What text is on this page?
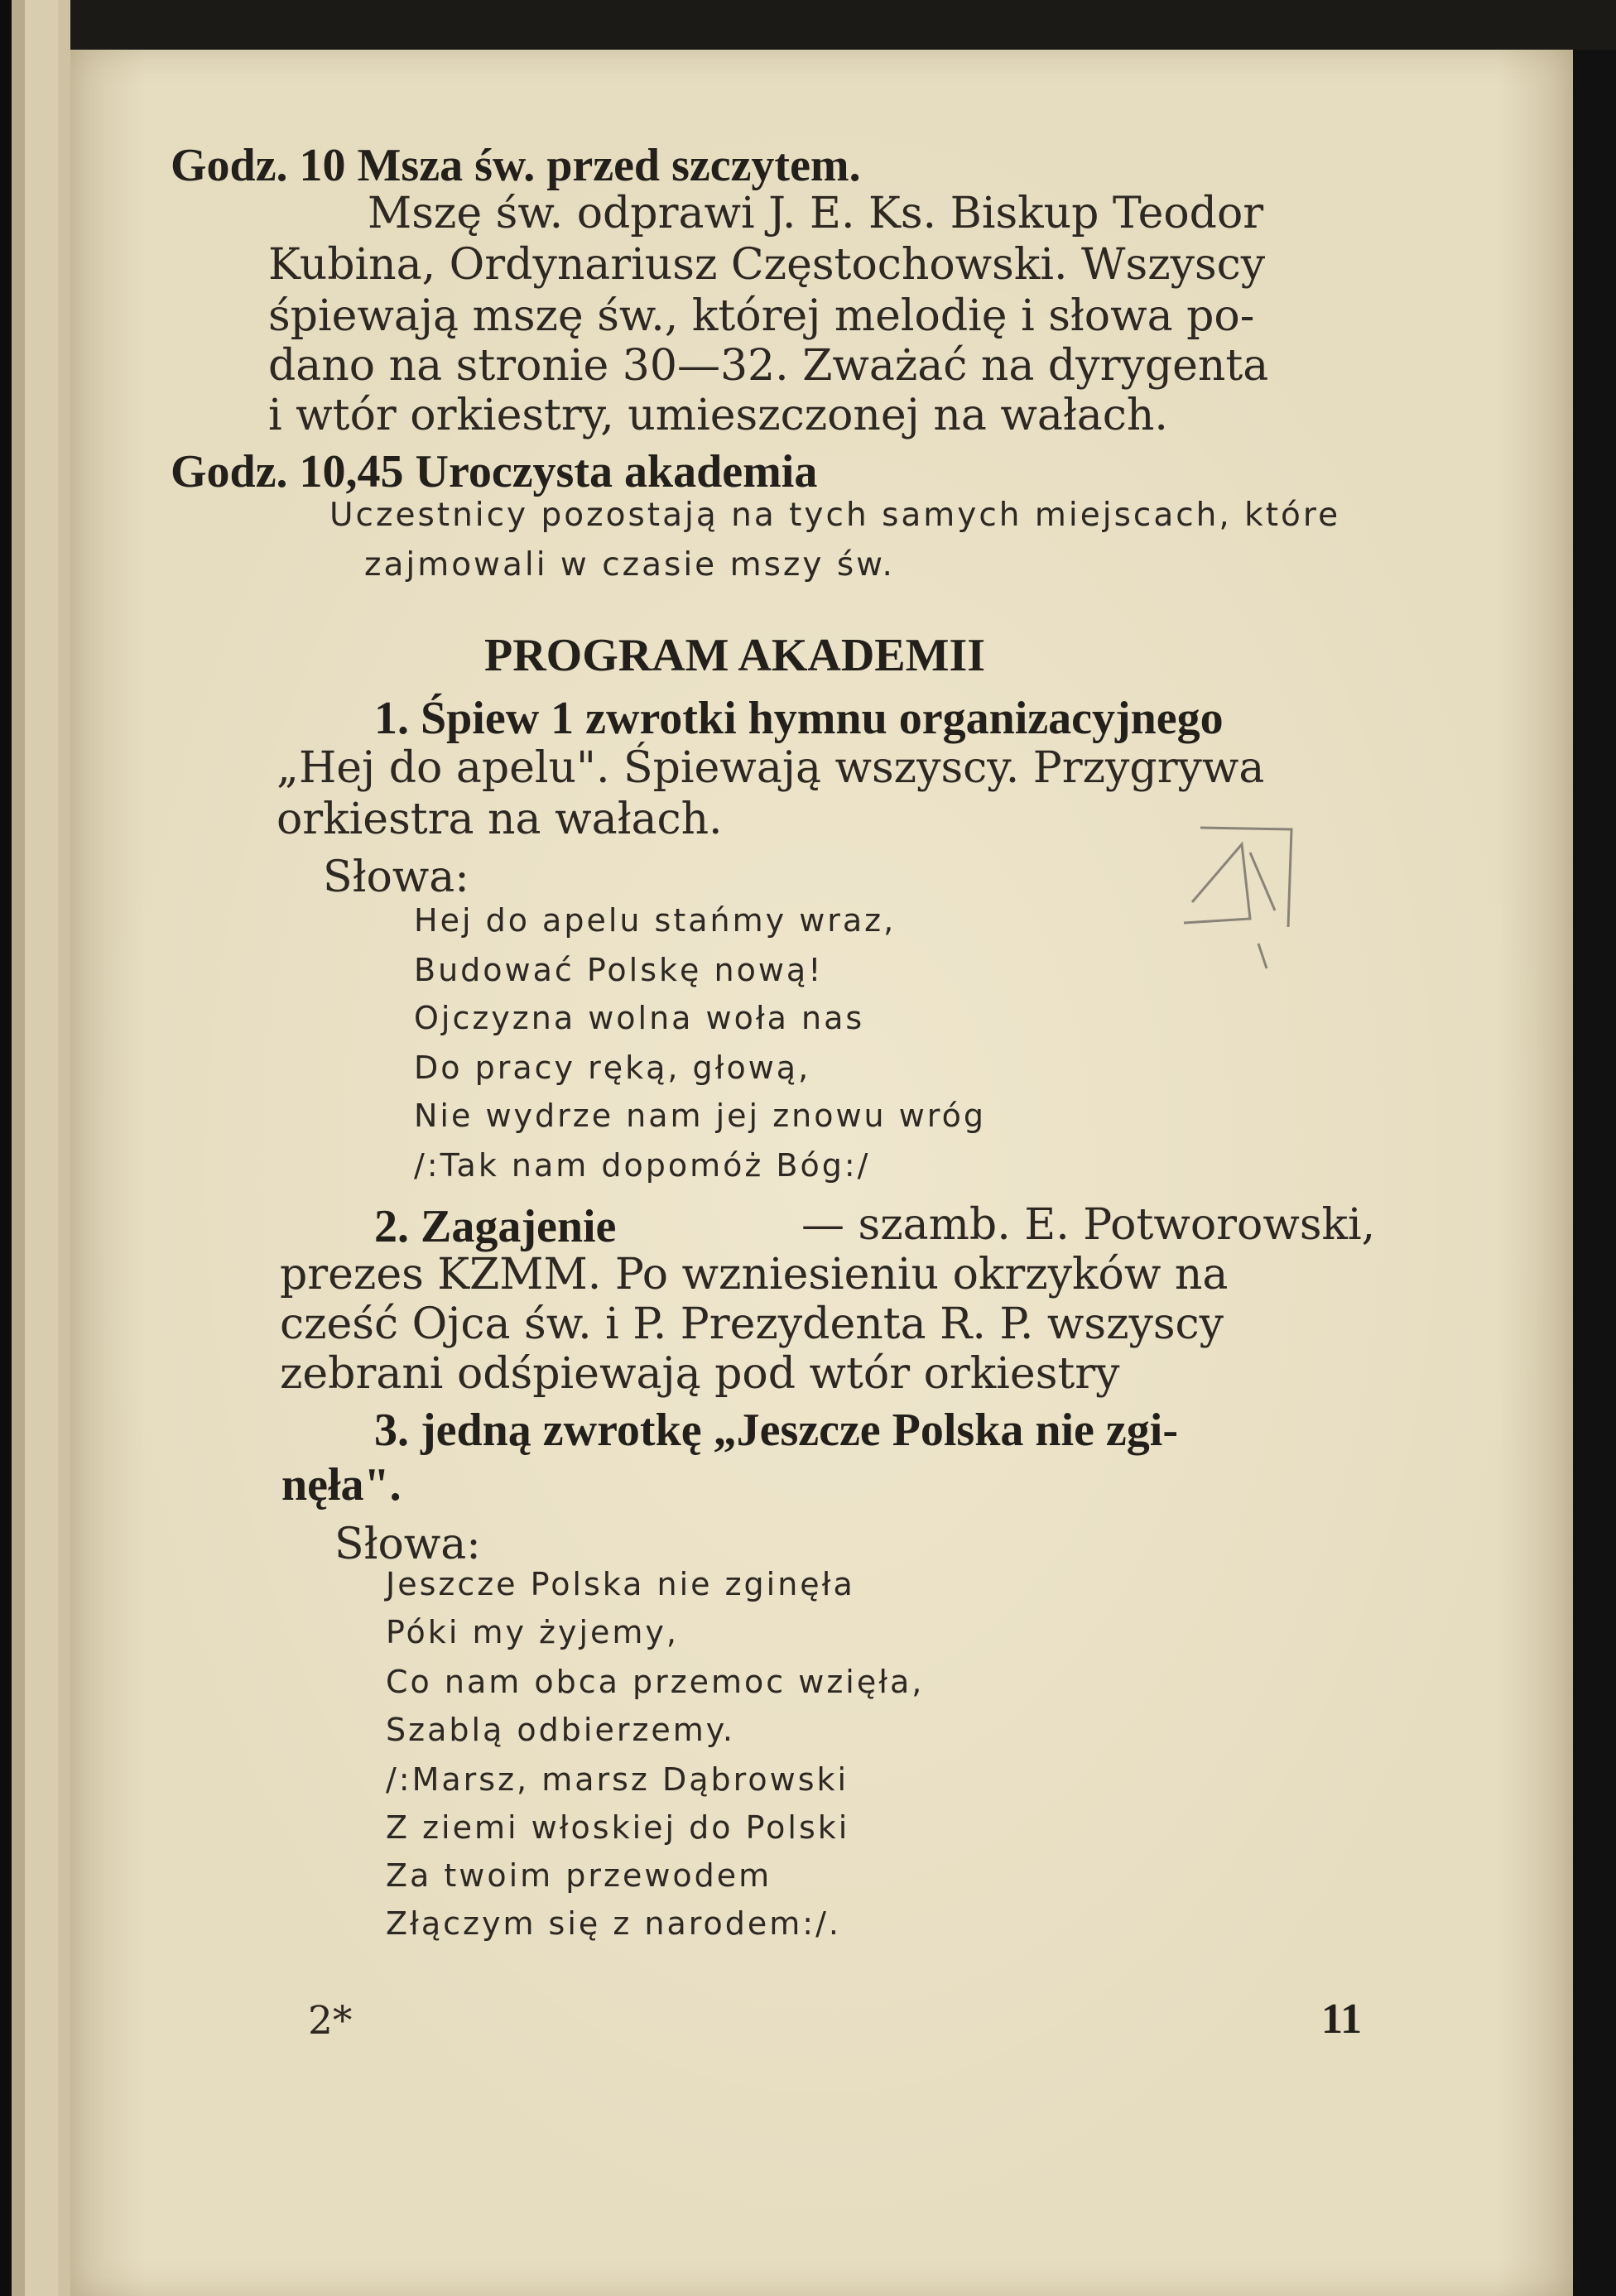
Godz. 10 Msza św. przed szczytem.
Mszę św. odprawi J. E. Ks. Biskup Teodor
Kubina, Ordynariusz Częstochowski. Wszyscy
śpiewają mszę św., której melodię i słowa po-
dano na stronie 30—32. Zważać na dyrygenta
i wtór orkiestry, umieszczonej na wałach.
Godz. 10,45 Uroczysta akademia
Uczestnicy pozostają na tych samych miejscach, które
zajmowali w czasie mszy św.
PROGRAM AKADEMII
1. Śpiew 1 zwrotki hymnu organizacyjnego
„Hej do apelu". Śpiewają wszyscy. Przygrywa
orkiestra na wałach.
Słowa:
Hej do apelu stańmy wraz,
Budować Polskę nową!
Ojczyzna wolna woła nas
Do pracy ręką, głową,
Nie wydrze nam jej znowu wróg
/:Tak nam dopomóż Bóg:/
2. Zagajenie	— szamb. E. Potworowski,
prezes KZMM. Po wzniesieniu okrzyków na
cześć Ojca św. i P. Prezydenta R. P. wszyscy
zebrani odśpiewają pod wtór orkiestry
3. jedną zwrotkę „Jeszcze Polska nie zgi-
nęła".
Słowa:
Jeszcze Polska nie zginęła
Póki my żyjemy,
Co nam obca przemoc wzięła,
Szablą odbierzemy.
/:Marsz, marsz Dąbrowski
Z ziemi włoskiej do Polski
Za twoim przewodem
Złączym się z narodem:/.
2*	11
